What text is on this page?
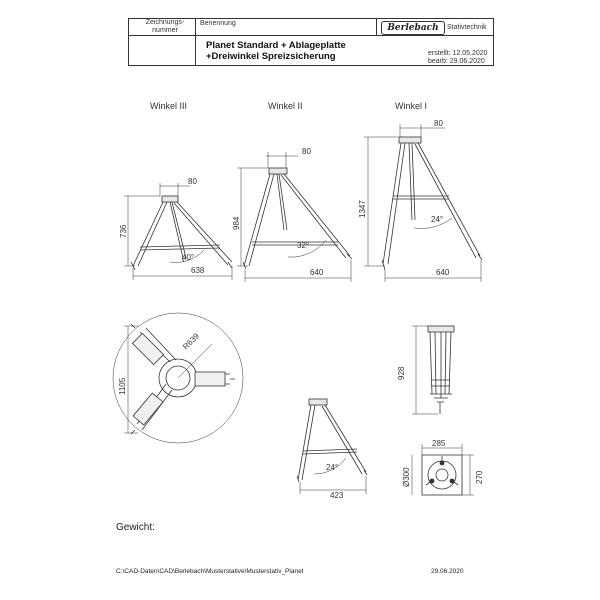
Zeichnungs-
nummer
Benennung	Berlebach	Stativtechnik
Planet Standard + Ablageplatte
+Dreiwinkel Spreizsicherung	erstellt: 12.05.2020
bearb: 29.06.2020
Winkel III	Winkel II	Winkel I
80
736
40°
638
80
984
32°
640
80
1347
24°
640
1105
R639
928
24°
423
285
Ø300	270
Gewicht:
C:\CAD-Daten\CAD\Berlebach\Musterstative\Musterstativ_Planet	29.06.2020
